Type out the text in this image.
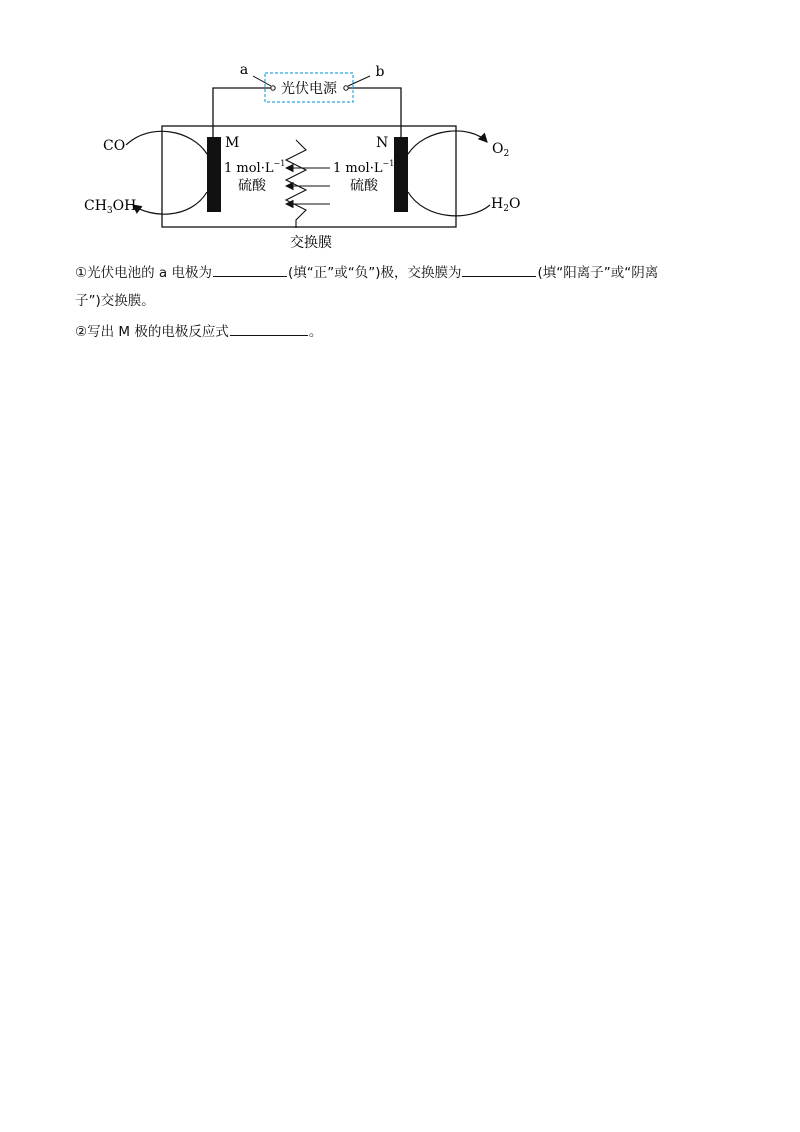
光伏电源
a	b
M	N
CO
$CH_3OH$
$O_2$
$H_2O$
1 $mol\cdot L^{-1}$
硫酸
1 $mol\cdot L^{-1}$
硫酸
交换膜
①光伏电池的 a 电极为	(填“正”或“负”)极，交换膜为	(填“阳离子”或“阴离
子”)交换膜。
②写出 M 极的电极反应式	。
